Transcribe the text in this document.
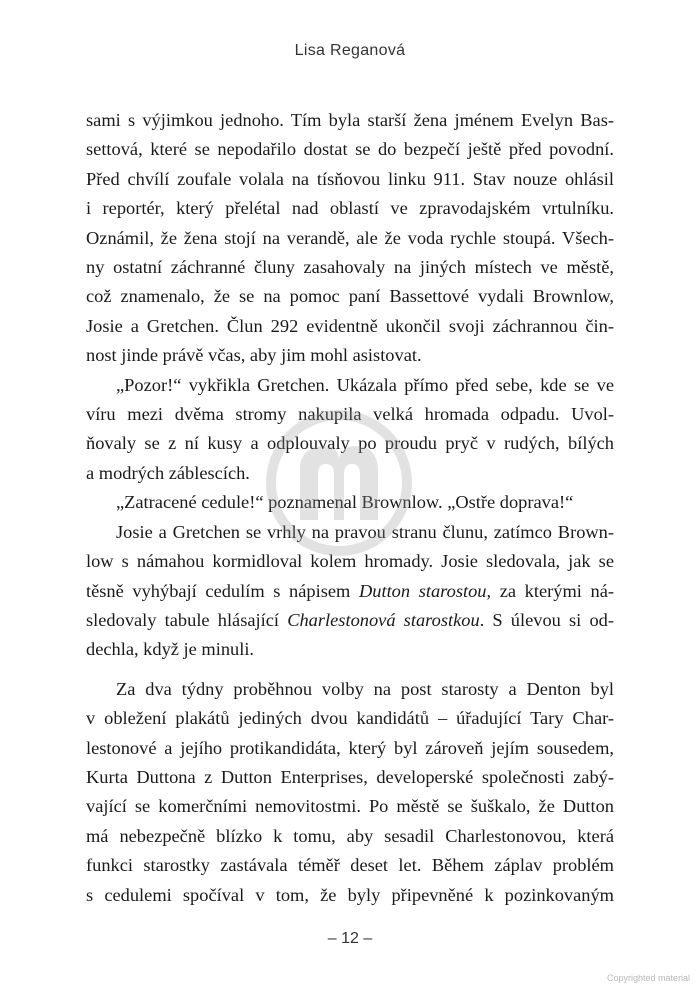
Lisa Reganová

sami s výjimkou jednoho. Tím byla starší žena jménem Evelyn Bas-

settová, které se nepodařilo dostat se do bezpečí ještě před povodní.

Před chvílí zoufale volala na tísňovou linku 911. Stav nouze ohlásil

i reportér, který přelétal nad oblastí ve zpravodajském vrtulníku.

Oznámil, že žena stojí na verandě, ale že voda rychle stoupá. Všech-

ny ostatní záchranné čluny zasahovaly na jiných místech ve městě,

což znamenalo, že se na pomoc paní Bassettové vydali Brownlow,

Josie a Gretchen. Člun 292 evidentně ukončil svoji záchrannou čin-

nost jinde právě včas, aby jim mohl asistovat.

„Pozor!“ vykřikla Gretchen. Ukázala přímo před sebe, kde se ve

víru mezi dvěma stromy nakupila velká hromada odpadu. Uvol-

ňovaly se z ní kusy a odplouvaly po proudu pryč v rudých, bílých

a modrých záblescích.

„Zatracené cedule!“ poznamenal Brownlow. „Ostře doprava!“

Josie a Gretchen se vrhly na pravou stranu člunu, zatímco Brown-

low s námahou kormidloval kolem hromady. Josie sledovala, jak se

těsně vyhýbají cedulím s nápisem Dutton starostou, za kterými ná-

sledovaly tabule hlásající Charlestonová starostkou. S úlevou si od-

dechla, když je minuli.

Za dva týdny proběhnou volby na post starosty a Denton byl

v obležení plakátů jediných dvou kandidátů – úřadující Tary Char-

lestonové a jejího protikandidáta, který byl zároveň jejím sousedem,

Kurta Duttona z Dutton Enterprises, developerské společnosti zabý-

vající se komerčními nemovitostmi. Po městě se šuškalo, že Dutton

má nebezpečně blízko k tomu, aby sesadil Charlestonovou, která

funkci starostky zastávala téměř deset let. Během záplav problém

s cedulemi spočíval v tom, že byly připevněné k pozinkovaným

– 12 –
Copyrighted material
